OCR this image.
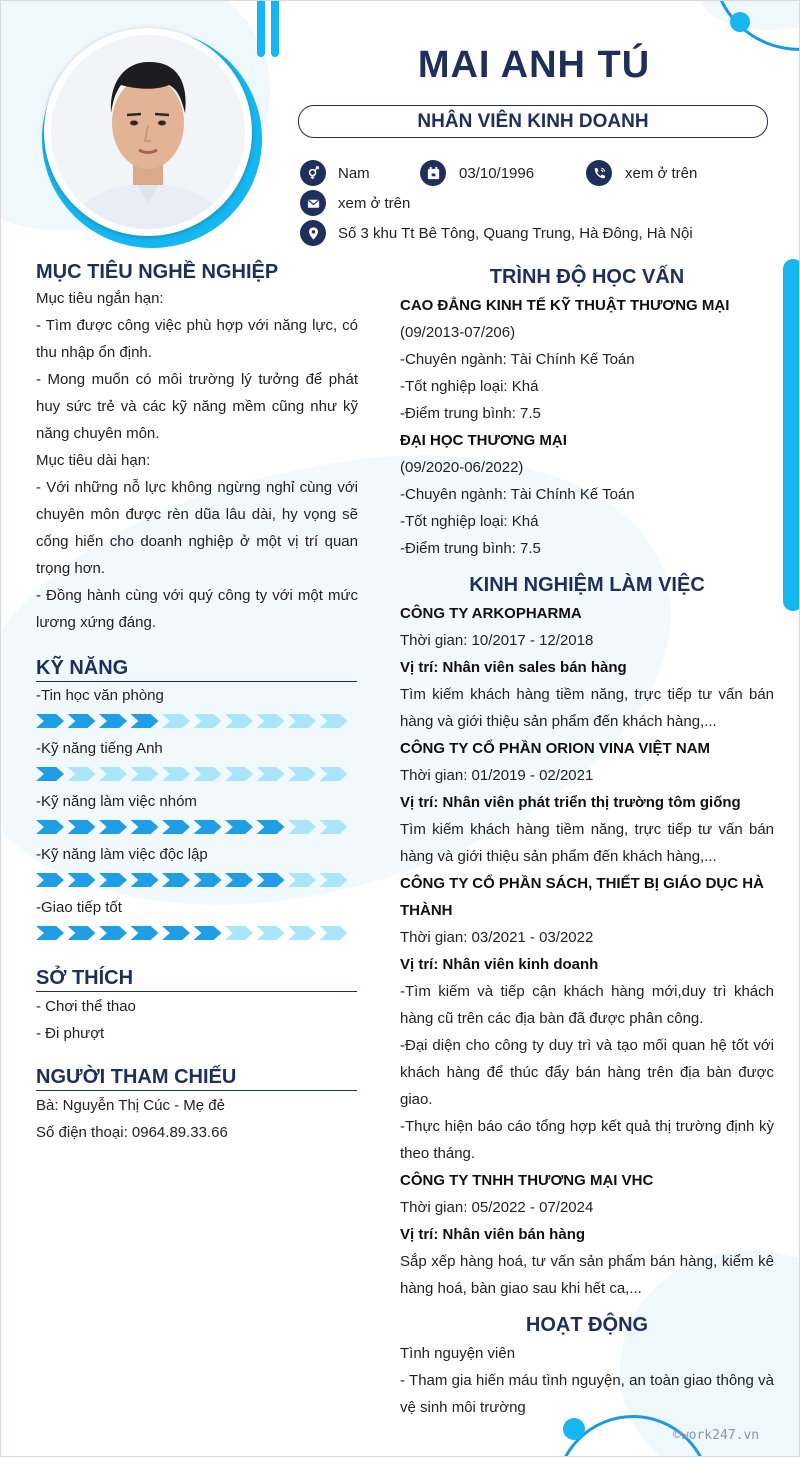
MAI ANH TÚ
NHÂN VIÊN KINH DOANH
Nam	03/10/1996	xem ở trên
xem ở trên
Số 3 khu Tt Bê Tông, Quang Trung, Hà Đông, Hà Nội

MỤC TIÊU NGHỀ NGHIỆP

Mục tiêu ngắn hạn:

- Tìm được công việc phù hợp với năng lực, có thu nhập ổn định.

- Mong muốn có môi trường lý tưởng để phát huy sức trẻ và các kỹ năng mềm cũng như kỹ năng chuyên môn.

Mục tiêu dài hạn:

- Với những nỗ lực không ngừng nghỉ cùng với chuyên môn được rèn dũa lâu dài, hy vọng sẽ cống hiến cho doanh nghiệp ở một vị trí quan trọng hơn.

- Đồng hành cùng với quý công ty với một mức lương xứng đáng.

KỸ NĂNG

-Tin học văn phòng

-Kỹ năng tiếng Anh

-Kỹ năng làm việc nhóm

-Kỹ năng làm việc độc lập

-Giao tiếp tốt

SỞ THÍCH

- Chơi thể thao

- Đi phượt

NGƯỜI THAM CHIẾU

Bà: Nguyễn Thị Cúc - Mẹ đẻ

Số điện thoại: 0964.89.33.66

TRÌNH ĐỘ HỌC VẤN

CAO ĐẲNG KINH TẾ KỸ THUẬT THƯƠNG MẠI

(09/2013-07/206)

-Chuyên ngành: Tài Chính Kế Toán

-Tốt nghiệp loại: Khá

-Điểm trung bình: 7.5

ĐẠI HỌC THƯƠNG MẠI

(09/2020-06/2022)

-Chuyên ngành: Tài Chính Kế Toán

-Tốt nghiệp loại: Khá

-Điểm trung bình: 7.5

KINH NGHIỆM LÀM VIỆC

CÔNG TY ARKOPHARMA

Thời gian: 10/2017 - 12/2018

Vị trí: Nhân viên sales bán hàng

Tìm kiếm khách hàng tiềm năng, trực tiếp tư vấn bán hàng và giới thiệu sản phẩm đến khách hàng,...

CÔNG TY CỔ PHẦN ORION VINA VIỆT NAM

Thời gian: 01/2019 - 02/2021

Vị trí: Nhân viên phát triển thị trường tôm giống

Tìm kiếm khách hàng tiềm năng, trực tiếp tư vấn bán hàng và giới thiệu sản phẩm đến khách hàng,...

CÔNG TY CỔ PHẦN SÁCH, THIẾT BỊ GIÁO DỤC HÀ THÀNH

Thời gian: 03/2021 - 03/2022

Vị trí: Nhân viên kinh doanh

-Tìm kiếm và tiếp cận khách hàng mới,duy trì khách hàng cũ trên các địa bàn đã được phân công.

-Đại diện cho công ty duy trì và tạo mối quan hệ tốt với khách hàng để thúc đẩy bán hàng trên địa bàn được giao.

-Thực hiện báo cáo tổng hợp kết quả thị trường định kỳ theo tháng.

CÔNG TY TNHH THƯƠNG MẠI VHC

Thời gian: 05/2022 - 07/2024

Vị trí: Nhân viên bán hàng

Sắp xếp hàng hoá, tư vấn sản phẩm bán hàng, kiểm kê hàng hoá, bàn giao sau khi hết ca,...

HOẠT ĐỘNG

Tình nguyện viên

- Tham gia hiến máu tình nguyện, an toàn giao thông và vệ sinh môi trường

©work247.vn
